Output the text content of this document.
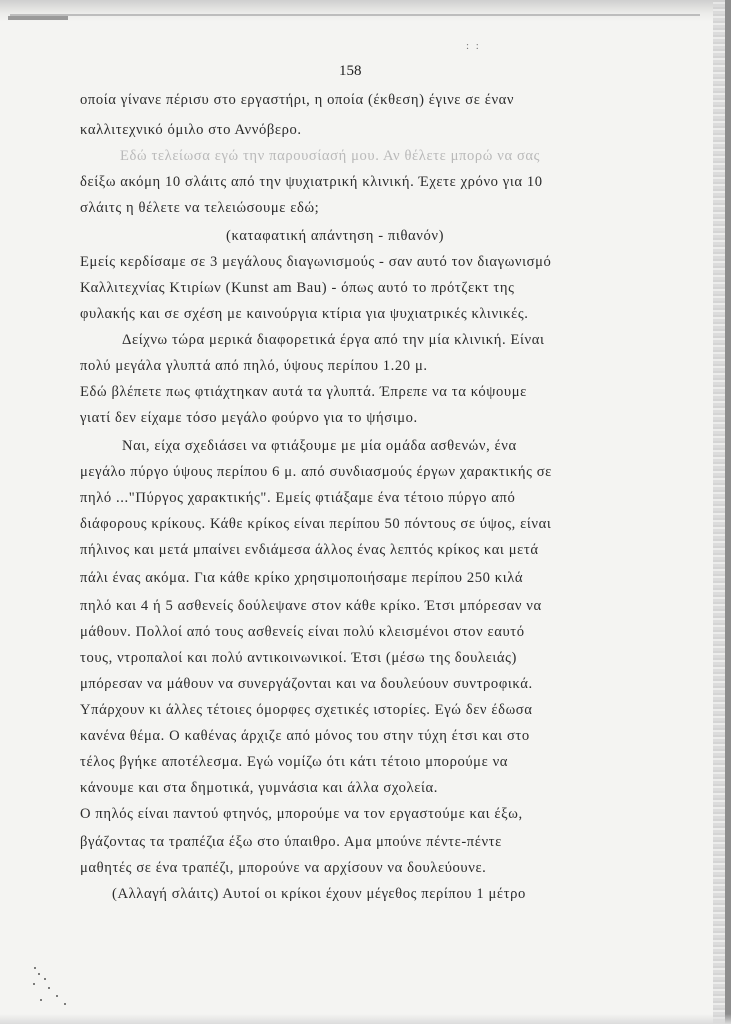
: :
158
οποία γίνανε πέρισυ στο εργαστήρι, η οποία (έκθεση) έγινε σε έναν
καλλιτεχνικό όμιλο στο Αννόβερο.
Εδώ τελείωσα εγώ την παρουσίασή μου. Αν θέλετε μπορώ να σας
δείξω ακόμη 10 σλάιτς από την ψυχιατρική κλινική. Έχετε χρόνο για 10
σλάιτς η θέλετε να τελειώσουμε εδώ;
(καταφατική απάντηση - πιθανόν)
Εμείς κερδίσαμε σε 3 μεγάλους διαγωνισμούς - σαν αυτό τον διαγωνισμό
Καλλιτεχνίας Κτιρίων (Kunst am Bau) - όπως αυτό το πρότζεκτ της
φυλακής και σε σχέση με καινούργια κτίρια για ψυχιατρικές κλινικές.
Δείχνω τώρα μερικά διαφορετικά έργα από την μία κλινική. Είναι
πολύ μεγάλα γλυπτά από πηλό, ύψους περίπου 1.20 μ.
Εδώ βλέπετε πως φτιάχτηκαν αυτά τα γλυπτά. Έπρεπε να τα κόψουμε
γιατί δεν είχαμε τόσο μεγάλο φούρνο για το ψήσιμο.
Ναι, είχα σχεδιάσει να φτιάξουμε με μία ομάδα ασθενών, ένα
μεγάλο πύργο ύψους περίπου 6 μ. από συνδιασμούς έργων χαρακτικής σε
πηλό ..."Πύργος χαρακτικής". Εμείς φτιάξαμε ένα τέτοιο πύργο από
διάφορους κρίκους. Κάθε κρίκος είναι περίπου 50 πόντους σε ύψος, είναι
πήλινος και μετά μπαίνει ενδιάμεσα άλλος ένας λεπτός κρίκος και μετά
πάλι ένας ακόμα. Για κάθε κρίκο χρησιμοποιήσαμε περίπου 250 κιλά
πηλό και 4 ή 5 ασθενείς δούλεψανε στον κάθε κρίκο. Έτσι μπόρεσαν να
μάθουν. Πολλοί από τους ασθενείς είναι πολύ κλεισμένοι στον εαυτό
τους, ντροπαλοί και πολύ αντικοινωνικοί. Έτσι (μέσω της δουλειάς)
μπόρεσαν να μάθουν να συνεργάζονται και να δουλεύουν συντροφικά.
Υπάρχουν κι άλλες τέτοιες όμορφες σχετικές ιστορίες. Εγώ δεν έδωσα
κανένα θέμα. Ο καθένας άρχιζε από μόνος του στην τύχη έτσι και στο
τέλος βγήκε αποτέλεσμα. Εγώ νομίζω ότι κάτι τέτοιο μπορούμε να
κάνουμε και στα δημοτικά, γυμνάσια και άλλα σχολεία.
Ο πηλός είναι παντού φτηνός, μπορούμε να τον εργαστούμε και έξω,
βγάζοντας τα τραπέζια έξω στο ύπαιθρο. Αμα μπούνε πέντε-πέντε
μαθητές σε ένα τραπέζι, μπορούνε να αρχίσουν να δουλεύουνε.
(Αλλαγή σλάιτς) Αυτοί οι κρίκοι έχουν μέγεθος περίπου 1 μέτρο
